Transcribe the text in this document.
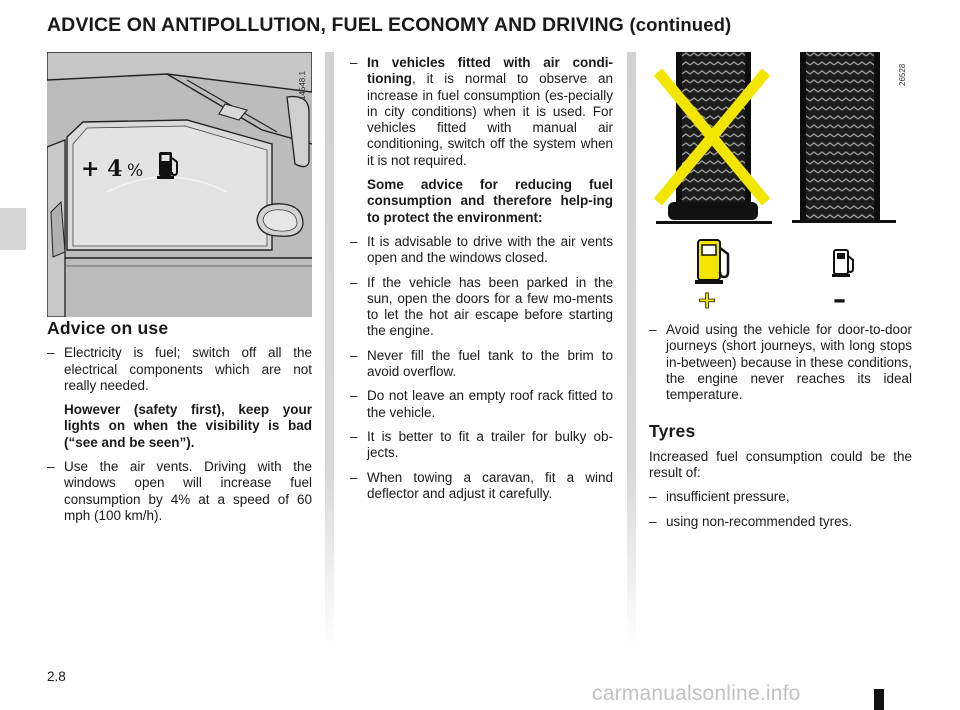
ADVICE ON ANTIPOLLUTION, FUEL ECONOMY AND DRIVING (continued)
+ 4 %
14548.1
Advice on use
– Electricity is fuel; switch off all the electrical components which are not really needed.
However (safety first), keep your lights on when the visibility is bad (“see and be seen”).
– Use the air vents. Driving with the windows open will increase fuel consumption by 4% at a speed of 60 mph (100 km/h).
– In vehicles fitted with air condi-tioning, it is normal to observe an increase in fuel consumption (es-pecially in city conditions) when it is used. For vehicles fitted with manual air conditioning, switch off the system when it is not required.
Some advice for reducing fuel consumption and therefore help-ing to protect the environment:
– It is advisable to drive with the air vents open and the windows closed.
– If the vehicle has been parked in the sun, open the doors for a few mo-ments to let the hot air escape before starting the engine.
– Never fill the fuel tank to the brim to avoid overflow.
– Do not leave an empty roof rack fitted to the vehicle.
– It is better to fit a trailer for bulky ob-jects.
– When towing a caravan, fit a wind deflector and adjust it carefully.
+	–
26528
– Avoid using the vehicle for door-to-door journeys (short journeys, with long stops in-between) because in these conditions, the engine never reaches its ideal temperature.
Tyres

Increased fuel consumption could be the result of:

– insufficient pressure,
– using non-recommended tyres.
2.8
carmanualsonline.info
